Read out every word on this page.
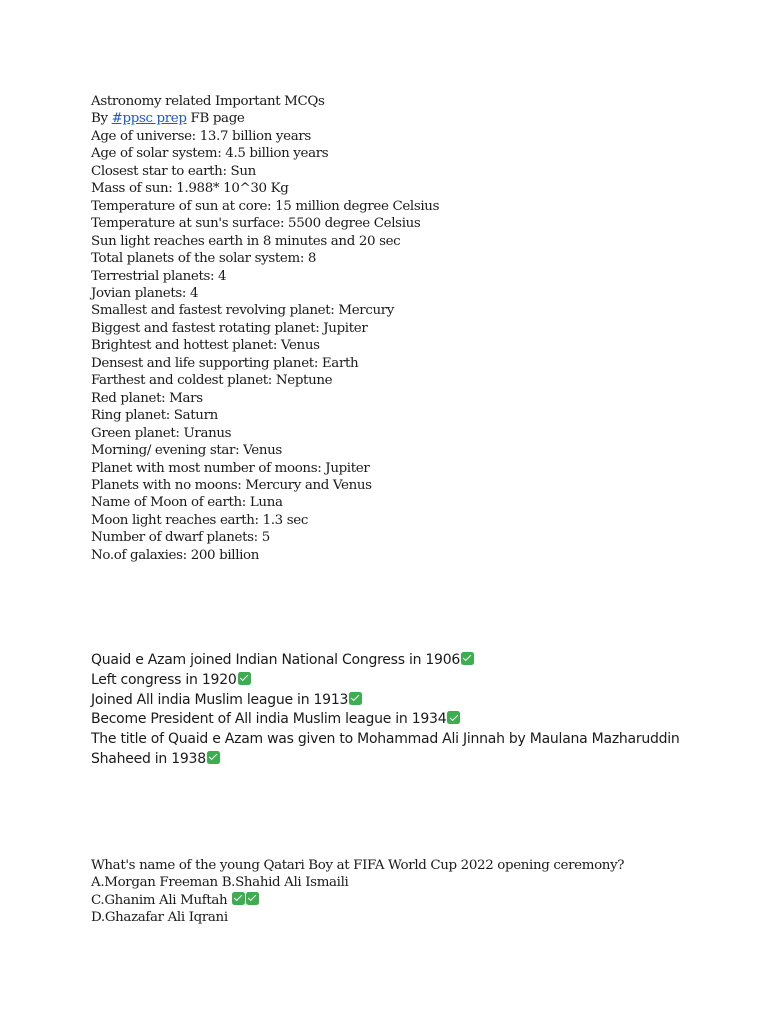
Astronomy related Important MCQs
By #ppsc prep FB page
Age of universe: 13.7 billion years
Age of solar system: 4.5 billion years
Closest star to earth: Sun
Mass of sun: 1.988* 10^30 Kg
Temperature of sun at core: 15 million degree Celsius
Temperature at sun's surface: 5500 degree Celsius
Sun light reaches earth in 8 minutes and 20 sec
Total planets of the solar system: 8
Terrestrial planets: 4
Jovian planets: 4
Smallest and fastest revolving planet: Mercury
Biggest and fastest rotating planet: Jupiter
Brightest and hottest planet: Venus
Densest and life supporting planet: Earth
Farthest and coldest planet: Neptune
Red planet: Mars
Ring planet: Saturn
Green planet: Uranus
Morning/ evening star: Venus
Planet with most number of moons: Jupiter
Planets with no moons: Mercury and Venus
Name of Moon of earth: Luna
Moon light reaches earth: 1.3 sec
Number of dwarf planets: 5
No.of galaxies: 200 billion
Quaid e Azam joined Indian National Congress in 1906
Left congress in 1920
Joined All india Muslim league in 1913
Become President of All india Muslim league in 1934
The title of Quaid e Azam was given to Mohammad Ali Jinnah by Maulana Mazharuddin
Shaheed in 1938
What's name of the young Qatari Boy at FIFA World Cup 2022 opening ceremony?
A.Morgan Freeman B.Shahid Ali Ismaili
C.Ghanim Ali Muftah
D.Ghazafar Ali Iqrani
